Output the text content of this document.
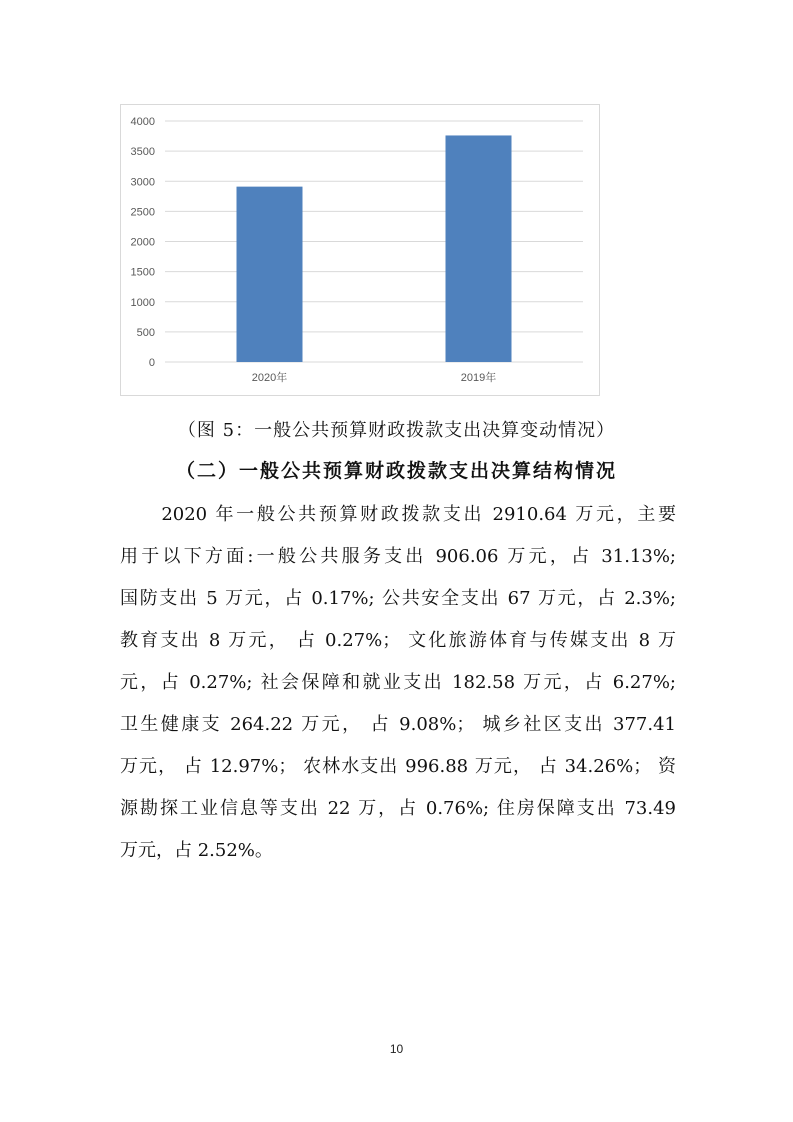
0
500
1000
1500
2000
2500
3000
3500
4000
2020年	2019年
（图 5：一般公共预算财政拨款支出决算变动情况）
（二）一般公共预算财政拨款支出决算结构情况
　　2020 年一般公共预算财政拨款支出 2910.64 万元，主要
用于以下方面:一般公共服务支出 906.06 万元，占 31.13%;
国防支出 5 万元，占 0.17%; 公共安全支出 67 万元，占 2.3%;
教育支出 8 万元， 占 0.27%； 文化旅游体育与传媒支出 8 万
元，占 0.27%; 社会保障和就业支出 182.58 万元，占 6.27%;
卫生健康支 264.22 万元， 占 9.08%； 城乡社区支出 377.41
万元， 占 12.97%； 农林水支出 996.88 万元， 占 34.26%； 资
源勘探工业信息等支出 22 万，占 0.76%; 住房保障支出 73.49
万元，占 2.52%。
10
